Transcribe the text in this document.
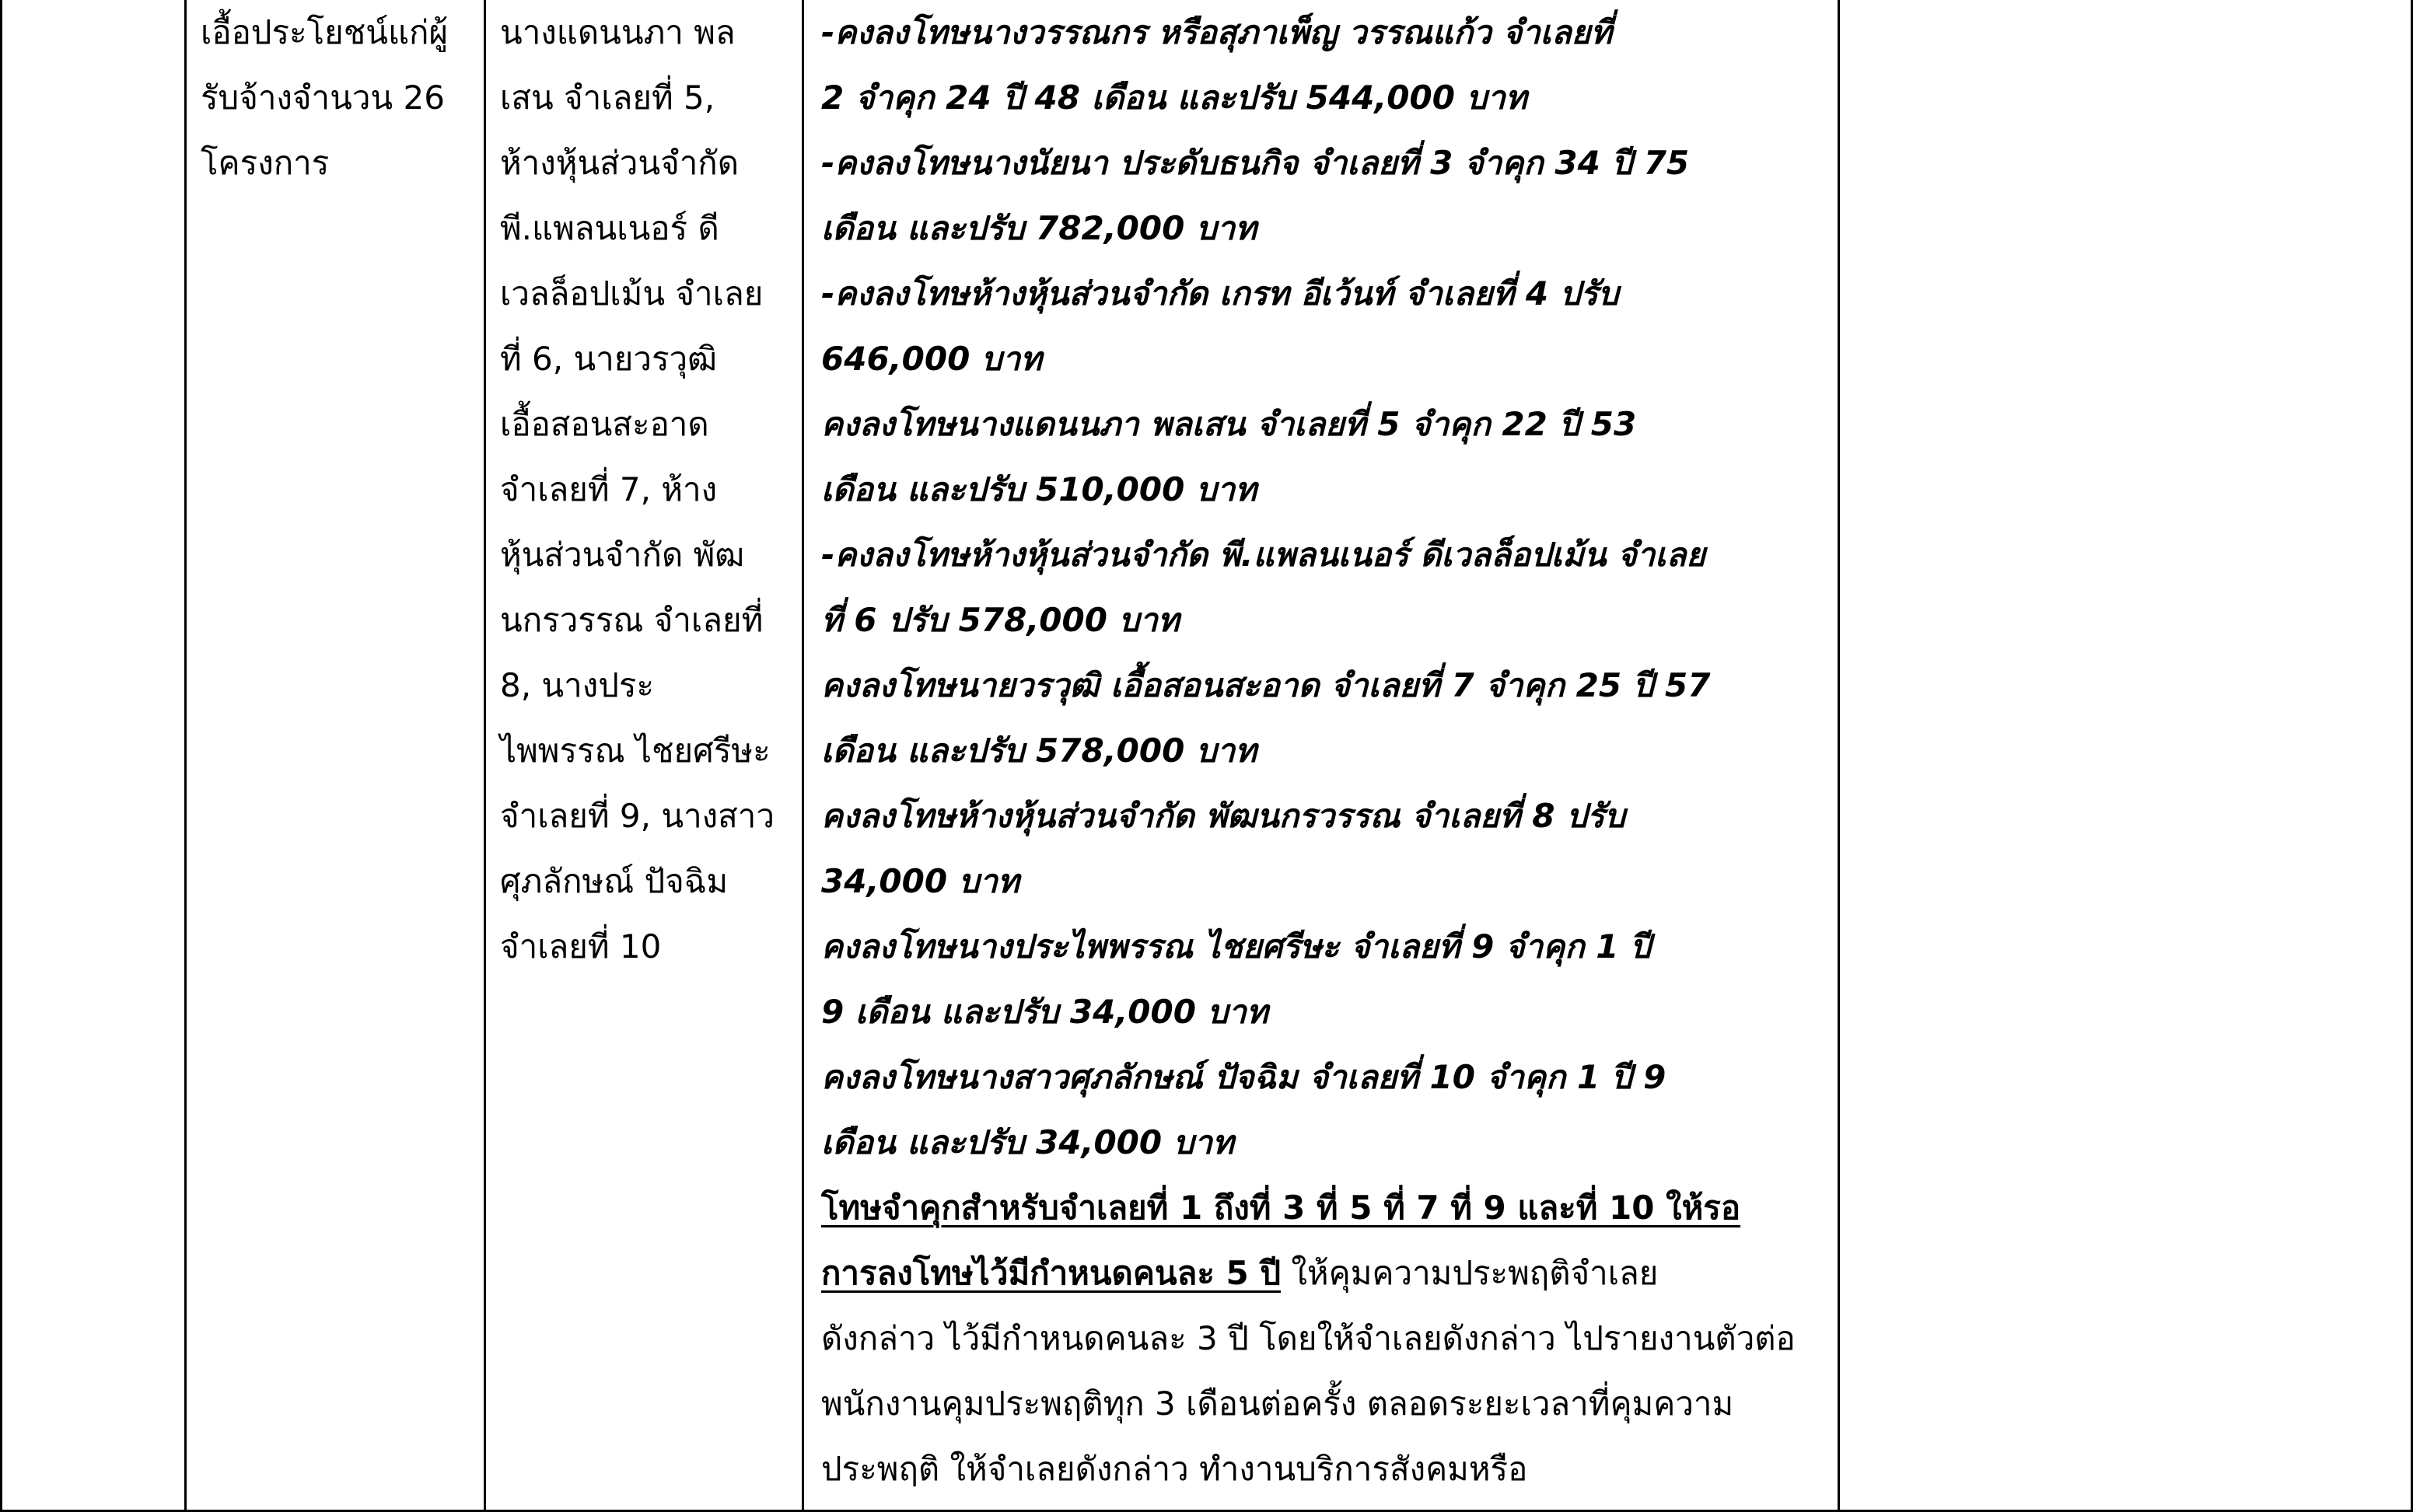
เอื้อประโยชน์แก่ผู้
รับจ้างจำนวน 26
โครงการ
นางแดนนภา พล
เสน จำเลยที่ 5,
ห้างหุ้นส่วนจำกัด
พี.แพลนเนอร์ ดี
เวลล็อปเม้น จำเลย
ที่ 6, นายวรวุฒิ
เอื้อสอนสะอาด
จำเลยที่ 7, ห้าง
หุ้นส่วนจำกัด พัฒ
นกรวรรณ จำเลยที่
8, นางประ
ไพพรรณ ไชยศรีษะ
จำเลยที่ 9, นางสาว
ศุภลักษณ์ ปัจฉิม
จำเลยที่ 10
-คงลงโทษนางวรรณกร หรือสุภาเพ็ญ วรรณแก้ว จำเลยที่
2 จำคุก 24 ปี 48 เดือน และปรับ 544,000 บาท
-คงลงโทษนางนัยนา ประดับธนกิจ จำเลยที่ 3 จำคุก 34 ปี 75
เดือน และปรับ 782,000 บาท
-คงลงโทษห้างหุ้นส่วนจำกัด เกรท อีเว้นท์ จำเลยที่ 4 ปรับ
646,000 บาท
คงลงโทษนางแดนนภา พลเสน จำเลยที่ 5 จำคุก 22 ปี 53
เดือน และปรับ 510,000 บาท
-คงลงโทษห้างหุ้นส่วนจำกัด พี.แพลนเนอร์ ดีเวลล็อปเม้น จำเลย
ที่ 6 ปรับ 578,000 บาท
คงลงโทษนายวรวุฒิ เอื้อสอนสะอาด จำเลยที่ 7 จำคุก 25 ปี 57
เดือน และปรับ 578,000 บาท
คงลงโทษห้างหุ้นส่วนจำกัด พัฒนกรวรรณ จำเลยที่ 8 ปรับ
34,000 บาท
คงลงโทษนางประไพพรรณ ไชยศรีษะ จำเลยที่ 9 จำคุก 1 ปี
9 เดือน และปรับ 34,000 บาท
คงลงโทษนางสาวศุภลักษณ์ ปัจฉิม จำเลยที่ 10 จำคุก 1 ปี 9
เดือน และปรับ 34,000 บาท
โทษจำคุกสำหรับจำเลยที่ 1 ถึงที่ 3 ที่ 5 ที่ 7 ที่ 9 และที่ 10 ให้รอ
การลงโทษไว้มีกำหนดคนละ 5 ปี ให้คุมความประพฤติจำเลย
ดังกล่าว ไว้มีกำหนดคนละ 3 ปี โดยให้จำเลยดังกล่าว ไปรายงานตัวต่อ
พนักงานคุมประพฤติทุก 3 เดือนต่อครั้ง ตลอดระยะเวลาที่คุมความ
ประพฤติ ให้จำเลยดังกล่าว ทำงานบริการสังคมหรือ
